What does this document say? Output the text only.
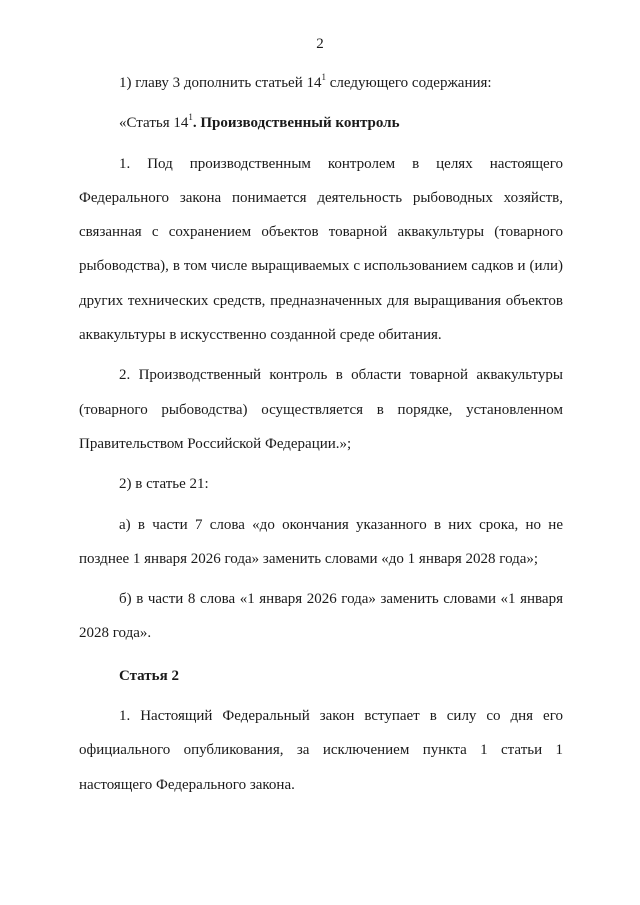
2

1) главу 3 дополнить статьей $14^1$ следующего содержания:

«Статья $14^1$. Производственный контроль

1. Под производственным контролем в целях настоящего Федерального закона понимается деятельность рыбоводных хозяйств, связанная с сохранением объектов товарной аквакультуры (товарного рыбоводства), в том числе выращиваемых с использованием садков и (или) других технических средств, предназначенных для выращивания объектов аквакультуры в искусственно созданной среде обитания.

2. Производственный контроль в области товарной аквакультуры (товарного рыбоводства) осуществляется в порядке, установленном Правительством Российской Федерации.»;

2) в статье 21:

а) в части 7 слова «до окончания указанного в них срока, но не позднее 1 января 2026 года» заменить словами «до 1 января 2028 года»;

б) в части 8 слова «1 января 2026 года» заменить словами «1 января 2028 года».

Статья 2

1. Настоящий Федеральный закон вступает в силу со дня его официального опубликования, за исключением пункта 1 статьи 1 настоящего Федерального закона.
